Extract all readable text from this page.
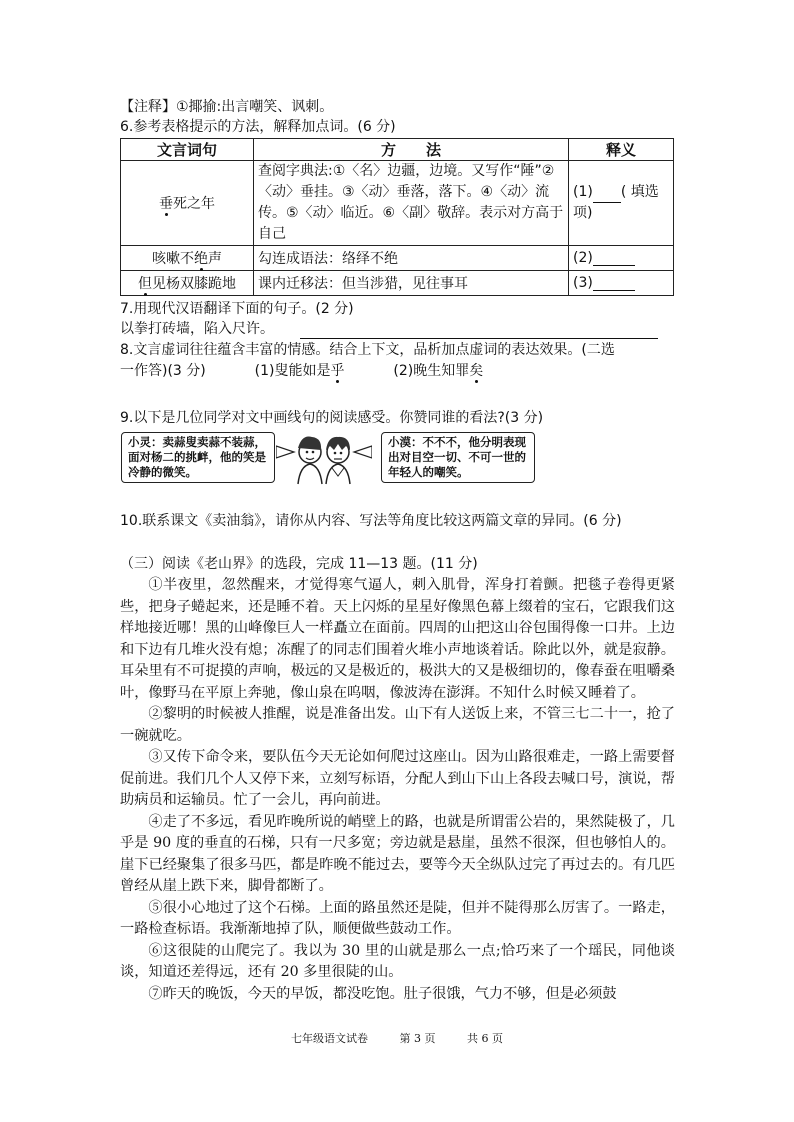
【注释】①揶揄:出言嘲笑、讽刺。
6.参考表格提示的方法，解释加点词。(6 分)
文言词句	方　　法	释义
垂死之年	查阅字典法:①〈名〉边疆，边境。又写作“陲”②〈动〉垂挂。③〈动〉垂落，落下。④〈动〉流传。⑤〈动〉临近。⑥〈副〉敬辞。表示对方高于自己	(1) ( 填选项)
咳嗽不绝声	勾连成语法：络绎不绝	(2)
但见杨双膝跪地	课内迁移法：但当涉猎，见往事耳	(3)
7.用现代汉语翻译下面的句子。(2 分)
以拳打砖墙，陷入尺许。
8.文言虚词往往蕴含丰富的情感。结合上下文，品析加点虚词的表达效果。(二选
一作答)(3 分)	(1)叟能如是乎	(2)晚生知罪矣
9.以下是几位同学对文中画线句的阅读感受。你赞同谁的看法?(3 分)
小灵：卖蒜叟卖蒜不装蒜，面对杨二的挑衅，他的笑是冷静的微笑。
小漠：不不不，他分明表现出对目空一切、不可一世的年轻人的嘲笑。
10.联系课文《卖油翁》，请你从内容、写法等角度比较这两篇文章的异同。(6 分)
（三）阅读《老山界》的选段，完成 11—13 题。(11 分)

①半夜里，忽然醒来，才觉得寒气逼人，刺入肌骨，浑身打着颤。把毯子卷得更紧些，把身子蜷起来，还是睡不着。天上闪烁的星星好像黑色幕上缀着的宝石，它跟我们这样地接近哪！黑的山峰像巨人一样矗立在面前。四周的山把这山谷包围得像一口井。上边和下边有几堆火没有熄；冻醒了的同志们围着火堆小声地谈着话。除此以外，就是寂静。耳朵里有不可捉摸的声响，极远的又是极近的，极洪大的又是极细切的，像春蚕在咀嚼桑叶，像野马在平原上奔驰，像山泉在呜咽，像波涛在澎湃。不知什么时候又睡着了。

②黎明的时候被人推醒，说是准备出发。山下有人送饭上来，不管三七二十一，抢了一碗就吃。

③又传下命令来，要队伍今天无论如何爬过这座山。因为山路很难走，一路上需要督促前进。我们几个人又停下来，立刻写标语，分配人到山下山上各段去喊口号，演说，帮助病员和运输员。忙了一会儿，再向前进。

④走了不多远，看见昨晚所说的峭壁上的路，也就是所谓雷公岩的，果然陡极了，几乎是 90 度的垂直的石梯，只有一尺多宽；旁边就是悬崖，虽然不很深，但也够怕人的。崖下已经聚集了很多马匹，都是昨晚不能过去，要等今天全纵队过完了再过去的。有几匹曾经从崖上跌下来，脚骨都断了。

⑤很小心地过了这个石梯。上面的路虽然还是陡，但并不陡得那么厉害了。一路走，一路检查标语。我渐渐地掉了队，顺便做些鼓动工作。

⑥这很陡的山爬完了。我以为 30 里的山就是那么一点;恰巧来了一个瑶民，同他谈谈，知道还差得远，还有 20 多里很陡的山。

⑦昨天的晚饭，今天的早饭，都没吃饱。肚子很饿，气力不够，但是必须鼓

七年级语文试卷	第 3 页	共 6 页
